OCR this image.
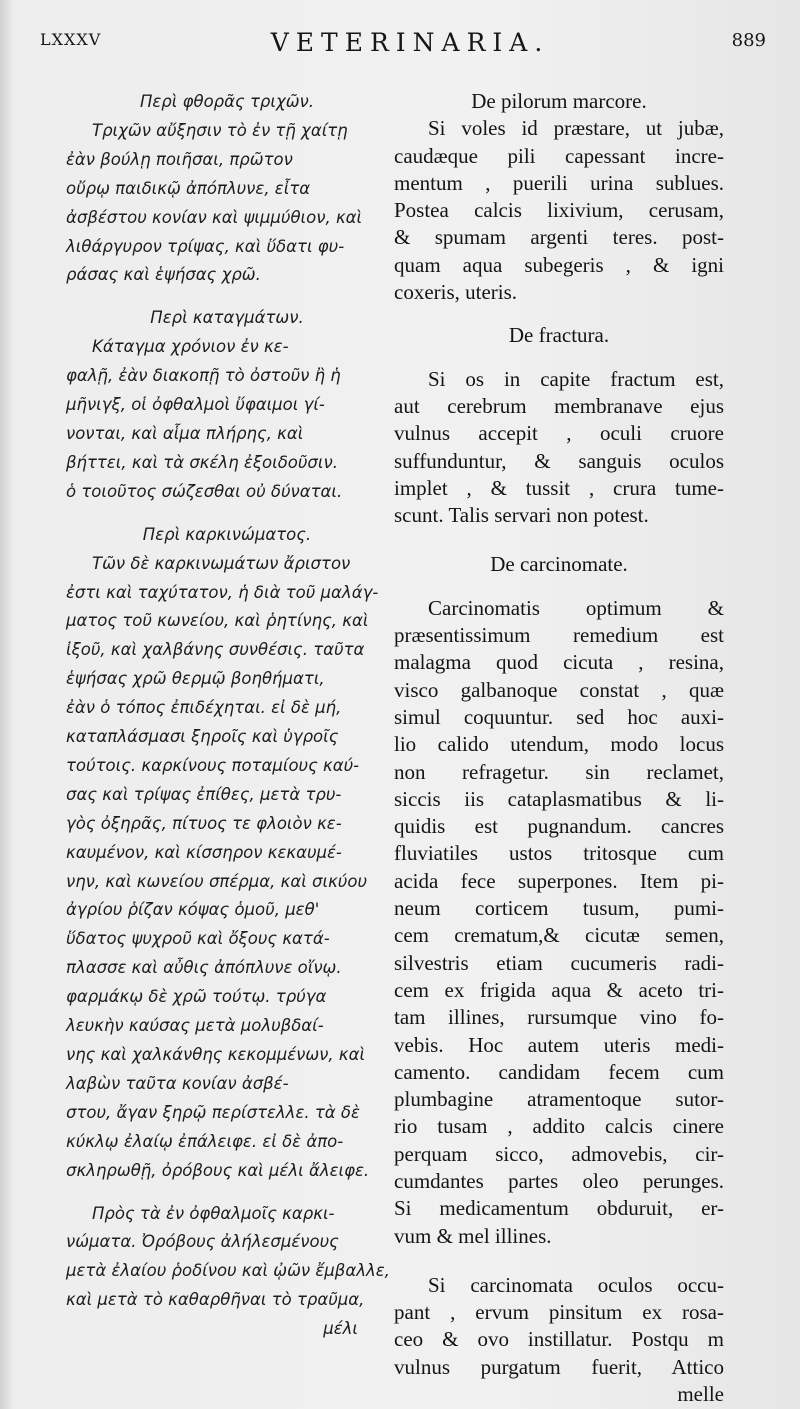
LXXXV	VETERINARIA.	889
Περὶ φθορᾶς τριχῶν.
Τριχῶν αὔξησιν τὸ ἐν τῇ χαίτῃ
ἐὰν βούλῃ ποιῆσαι, πρῶτον
οὔρῳ παιδικῷ ἀπόπλυνε, εἶτα
ἀσβέστου κονίαν καὶ ψιμμύθιον, καὶ
λιθάργυρον τρίψας, καὶ ὕδατι φυ-
ράσας καὶ ἑψήσας χρῶ.
Περὶ καταγμάτων.
Κάταγμα χρόνιον ἐν κε-
φαλῇ, ἐὰν διακοπῇ τὸ ὀστοῦν ἢ ἡ
μῆνιγξ, οἱ ὀφθαλμοὶ ὕφαιμοι γί-
νονται, καὶ αἷμα πλήρης, καὶ
βήττει, καὶ τὰ σκέλη ἐξοιδοῦσιν.
ὁ τοιοῦτος σώζεσθαι οὐ δύναται.
Περὶ καρκινώματος.
Τῶν δὲ καρκινωμάτων ἄριστον
ἐστι καὶ ταχύτατον, ἡ διὰ τοῦ μαλάγ-
ματος τοῦ κωνείου, καὶ ῥητίνης, καὶ
ἰξοῦ, καὶ χαλβάνης συνθέσις. ταῦτα
ἑψήσας χρῶ θερμῷ βοηθήματι,
ἐὰν ὁ τόπος ἐπιδέχηται. εἰ δὲ μή,
καταπλάσμασι ξηροῖς καὶ ὑγροῖς
τούτοις. καρκίνους ποταμίους καύ-
σας καὶ τρίψας ἐπίθες, μετὰ τρυ-
γὸς ὀξηρᾶς, πίτυος τε φλοιὸν κε-
καυμένον, καὶ κίσσηρον κεκαυμέ-
νην, καὶ κωνείου σπέρμα, καὶ σικύου
ἀγρίου ῥίζαν κόψας ὁμοῦ, μεθ'
ὕδατος ψυχροῦ καὶ ὄξους κατά-
πλασσε καὶ αὖθις ἀπόπλυνε οἴνῳ.
φαρμάκῳ δὲ χρῶ τούτῳ. τρύγα
λευκὴν καύσας μετὰ μολυβδαί-
νης καὶ χαλκάνθης κεκομμένων, καὶ
λαβὼν ταῦτα κονίαν ἀσβέ-
στου, ἄγαν ξηρῷ περίστελλε. τὰ δὲ
κύκλῳ ἐλαίῳ ἐπάλειφε. εἰ δὲ ἀπο-
σκληρωθῇ, ὀρόβους καὶ μέλι ἄλειφε.
Πρὸς τὰ ἐν ὀφθαλμοῖς καρκι-
νώματα. Ὀρόβους ἀλήλεσμένους
μετὰ ἐλαίου ῥοδίνου καὶ ᾠῶν ἔμβαλλε,
καὶ μετὰ τὸ καθαρθῆναι τὸ τραῦμα,
μέλι
De pilorum marcore.
Si voles id præstare, ut jubæ,
caudæque pili capessant incre-
mentum , puerili urina sublues.
Postea calcis lixivium, cerusam,
& spumam argenti teres. post-
quam aqua subegeris , & igni
coxeris, uteris.
De fractura.
Si os in capite fractum est,
aut cerebrum membranave ejus
vulnus accepit , oculi cruore
suffunduntur, & sanguis oculos
implet , & tussit , crura tume-
scunt. Talis servari non potest.
De carcinomate.
Carcinomatis optimum &
præsentissimum remedium est
malagma quod cicuta , resina,
visco galbanoque constat , quæ
simul coquuntur. sed hoc auxi-
lio calido utendum, modo locus
non refragetur. sin reclamet,
siccis iis cataplasmatibus & li-
quidis est pugnandum. cancres
fluviatiles ustos tritosque cum
acida fece superpones. Item pi-
neum corticem tusum, pumi-
cem crematum,& cicutæ semen,
silvestris etiam cucumeris radi-
cem ex frigida aqua & aceto tri-
tam illines, rursumque vino fo-
vebis. Hoc autem uteris medi-
camento. candidam fecem cum
plumbagine atramentoque sutor-
rio tusam , addito calcis cinere
perquam sicco, admovebis, cir-
cumdantes partes oleo perunges.
Si medicamentum obduruit, er-
vum & mel illines.
Si carcinomata oculos occu-
pant , ervum pinsitum ex rosa-
ceo & ovo instillatur. Postqu m
vulnus purgatum fuerit, Attico
melle
